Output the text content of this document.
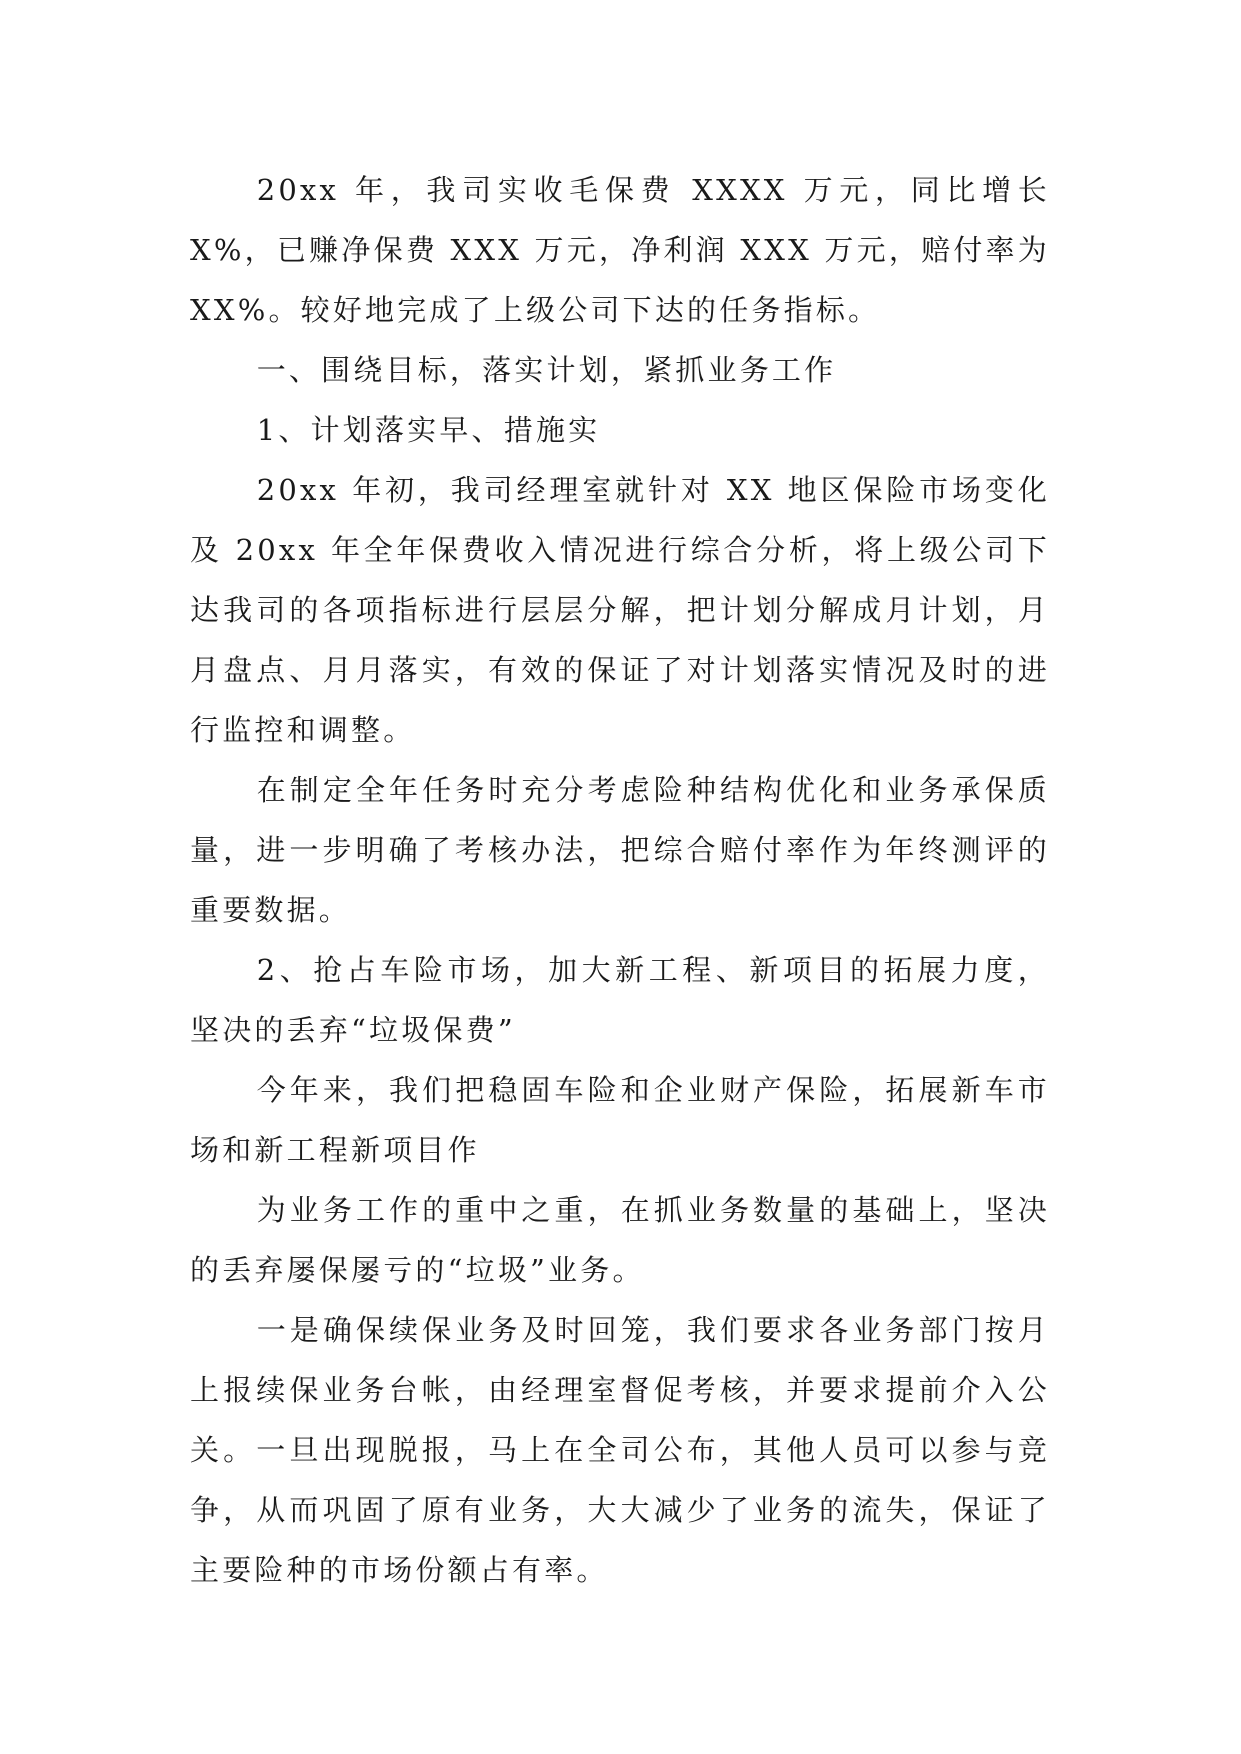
20xx 年，我司实收毛保费 XXXX 万元，同比增长 X%，已赚净保费 XXX 万元，净利润 XXX 万元，赔付率为 XX%。较好地完成了上级公司下达的任务指标。

一、围绕目标，落实计划，紧抓业务工作

1、计划落实早、措施实

20xx 年初，我司经理室就针对 XX 地区保险市场变化及 20xx 年全年保费收入情况进行综合分析，将上级公司下达我司的各项指标进行层层分解，把计划分解成月计划，月月盘点、月月落实，有效的保证了对计划落实情况及时的进行监控和调整。

在制定全年任务时充分考虑险种结构优化和业务承保质量，进一步明确了考核办法，把综合赔付率作为年终测评的重要数据。

2、抢占车险市场，加大新工程、新项目的拓展力度，坚决的丢弃“垃圾保费”

今年来，我们把稳固车险和企业财产保险，拓展新车市场和新工程新项目作

为业务工作的重中之重，在抓业务数量的基础上，坚决的丢弃屡保屡亏的“垃圾”业务。

一是确保续保业务及时回笼，我们要求各业务部门按月上报续保业务台帐，由经理室督促考核，并要求提前介入公关。一旦出现脱报，马上在全司公布，其他人员可以参与竞争，从而巩固了原有业务，大大减少了业务的流失，保证了主要险种的市场份额占有率。
